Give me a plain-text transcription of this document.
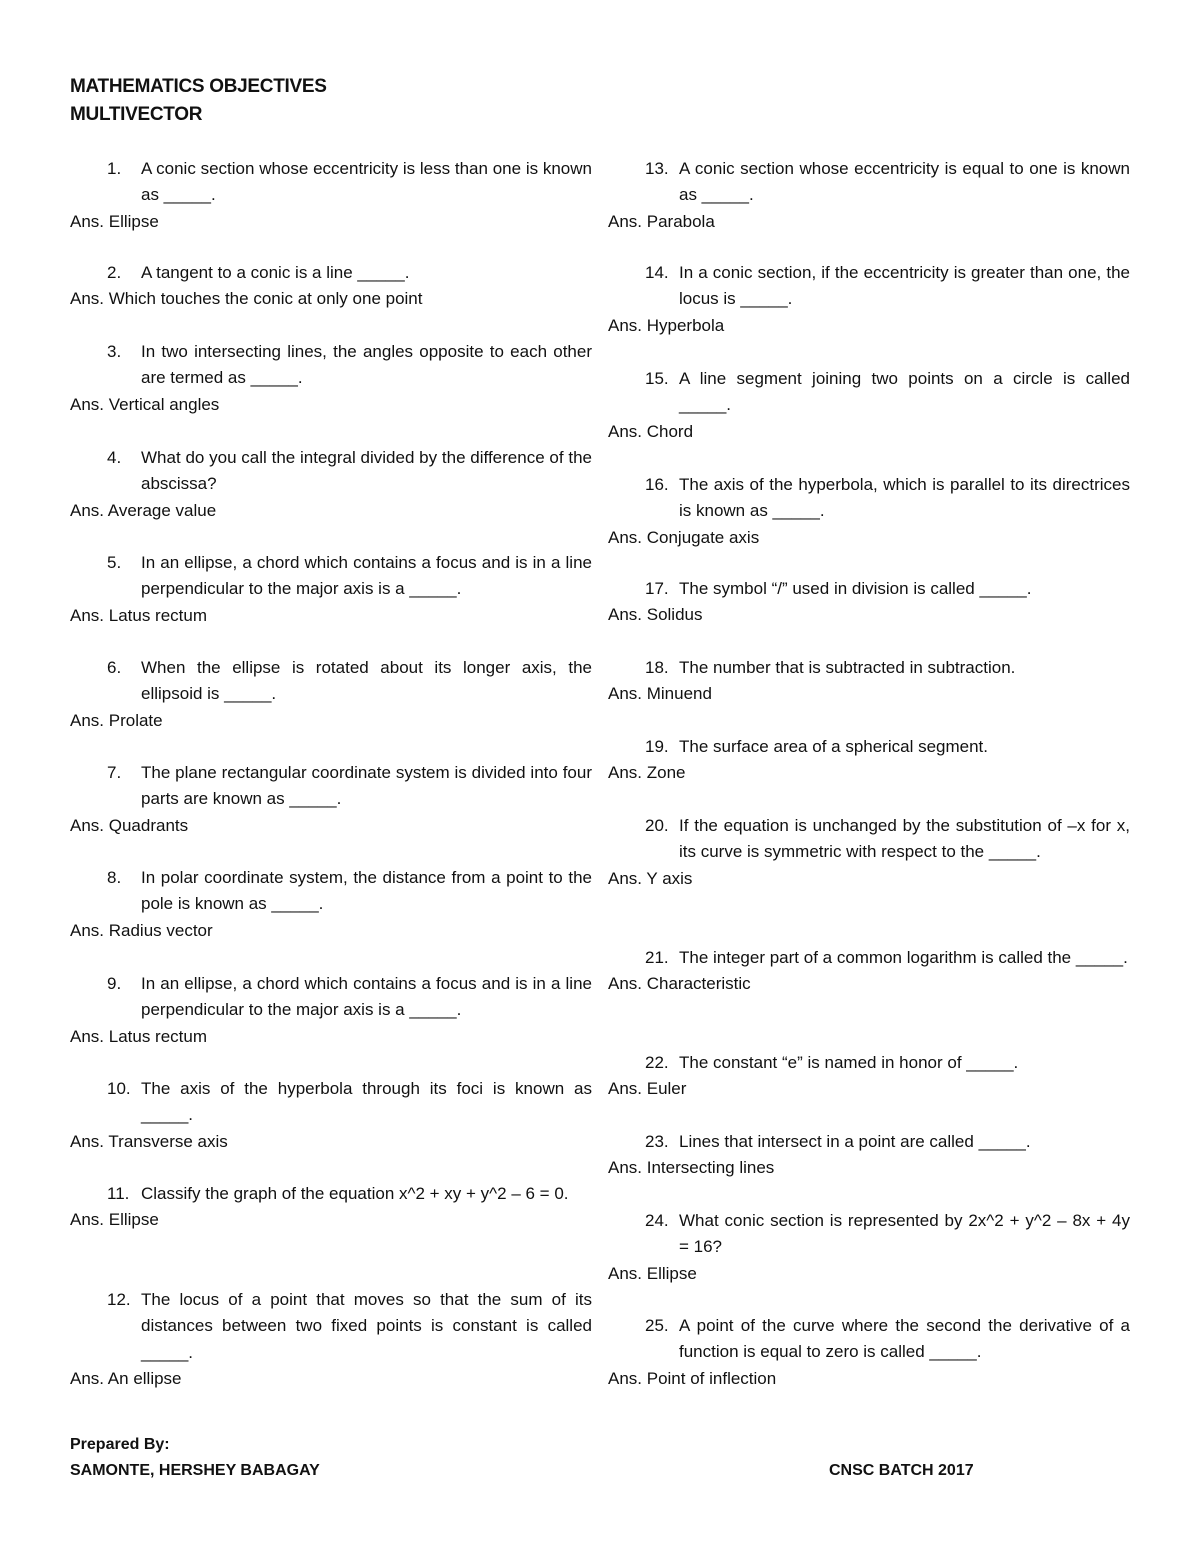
MATHEMATICS OBJECTIVES
MULTIVECTOR
1.	A conic section whose eccentricity is less than one is known as _____.
Ans. Ellipse
2.	A tangent to a conic is a line _____.
Ans. Which touches the conic at only one point
3.	In two intersecting lines, the angles opposite to each other are termed as _____.
Ans. Vertical angles
4.	What do you call the integral divided by the difference of the abscissa?
Ans. Average value
5.	In an ellipse, a chord which contains a focus and is in a line perpendicular to the major axis is a _____.
Ans. Latus rectum
6.	When the ellipse is rotated about its longer axis, the ellipsoid is _____.
Ans. Prolate
7.	The plane rectangular coordinate system is divided into four parts are known as _____.
Ans. Quadrants
8.	In polar coordinate system, the distance from a point to the pole is known as _____.
Ans. Radius vector
9.	In an ellipse, a chord which contains a focus and is in a line perpendicular to the major axis is a _____.
Ans. Latus rectum
10. The axis of the hyperbola through its foci is known as _____.
Ans. Transverse axis
11. Classify the graph of the equation x^2 + xy + y^2 – 6 = 0.
Ans. Ellipse
12. The locus of a point that moves so that the sum of its distances between two fixed points is constant is called _____.
Ans. An ellipse
13. A conic section whose eccentricity is equal to one is known as _____.
Ans. Parabola
14. In a conic section, if the eccentricity is greater than one, the locus is _____.
Ans. Hyperbola
15. A line segment joining two points on a circle is called _____.
Ans. Chord
16. The axis of the hyperbola, which is parallel to its directrices is known as _____.
Ans. Conjugate axis
17. The symbol “/” used in division is called _____.
Ans. Solidus
18. The number that is subtracted in subtraction.
Ans. Minuend
19. The surface area of a spherical segment.
Ans. Zone
20. If the equation is unchanged by the substitution of –x for x, its curve is symmetric with respect to the _____.
Ans. Y axis
21. The integer part of a common logarithm is called the _____.
Ans. Characteristic
22. The constant “e” is named in honor of _____.
Ans. Euler
23. Lines that intersect in a point are called _____.
Ans. Intersecting lines
24. What conic section is represented by 2x^2 + y^2 – 8x + 4y = 16?
Ans. Ellipse
25. A point of the curve where the second the derivative of a function is equal to zero is called _____.
Ans. Point of inflection
Prepared By:
SAMONTE, HERSHEY BABAGAY	CNSC BATCH 2017
